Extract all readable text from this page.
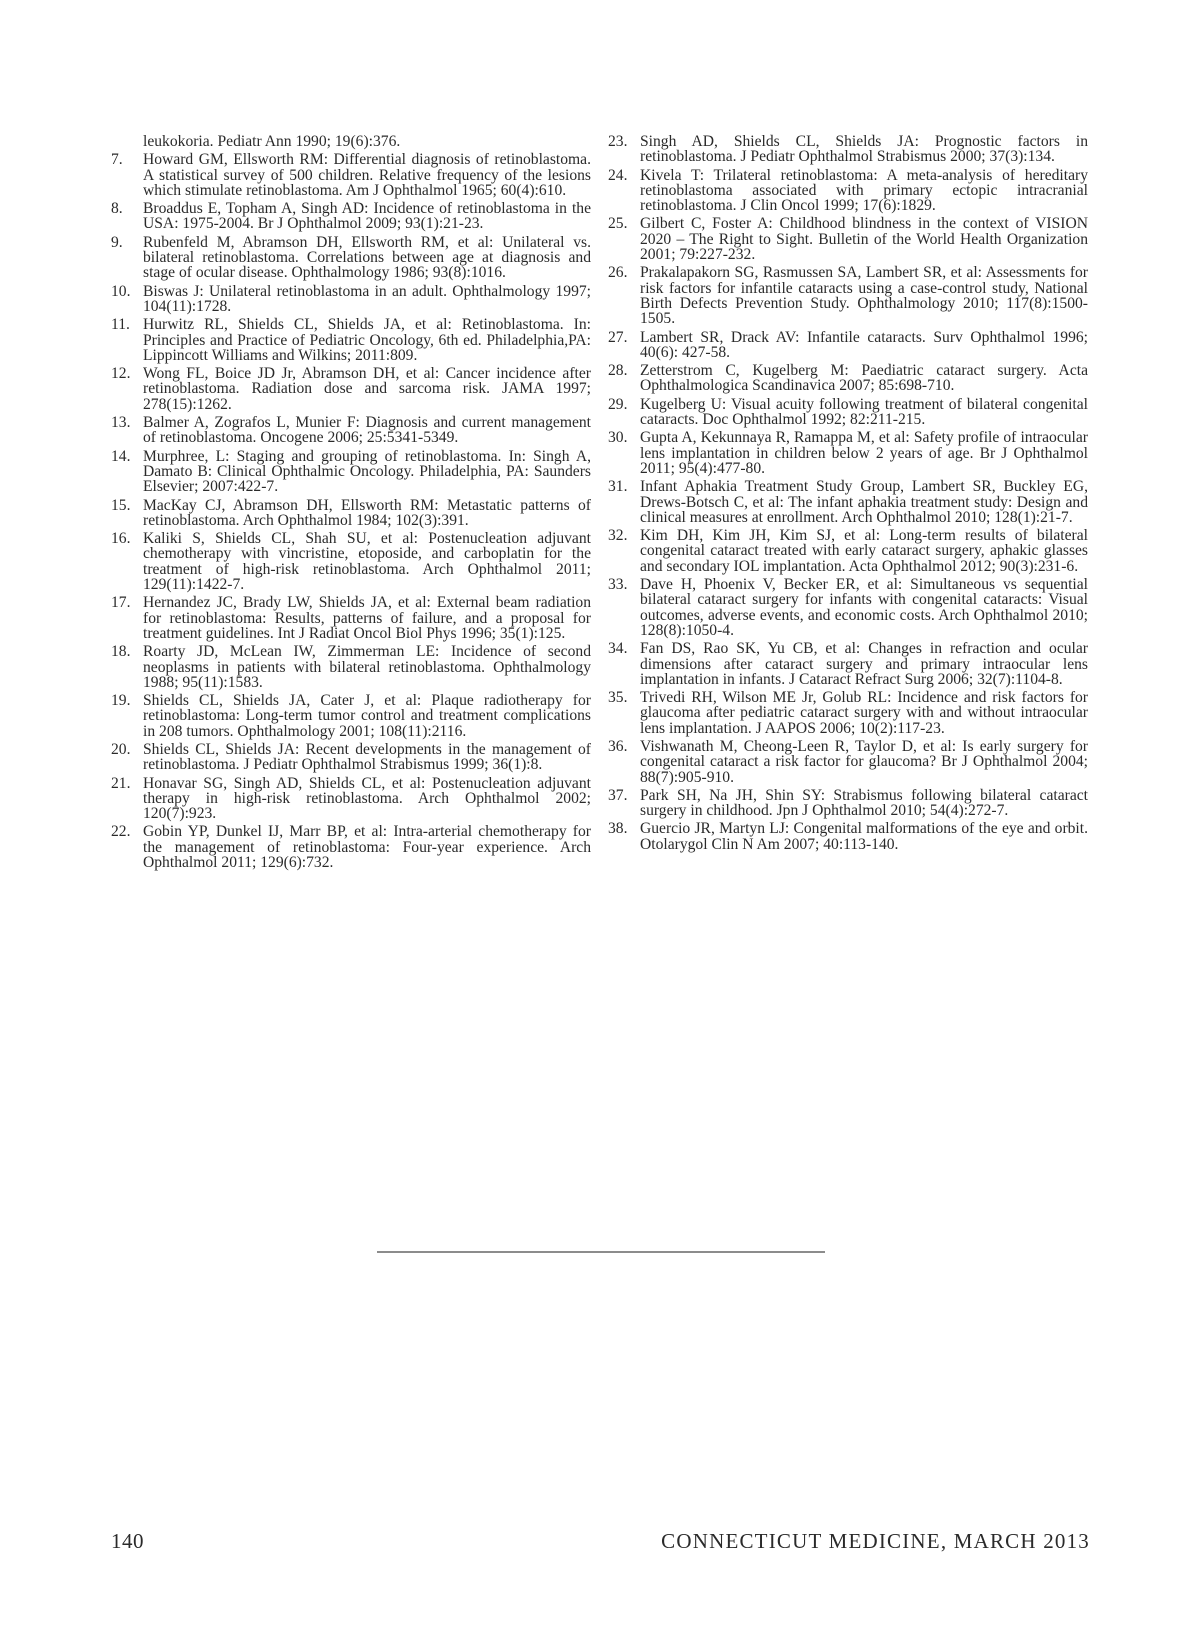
leukokoria. Pediatr Ann 1990; 19(6):376.
7.	Howard GM, Ellsworth RM: Differential diagnosis of retinoblastoma. A statistical survey of 500 children. Relative frequency of the lesions which stimulate retinoblastoma. Am J Ophthalmol 1965; 60(4):610.
8.	Broaddus E, Topham A, Singh AD: Incidence of retinoblastoma in the USA: 1975-2004. Br J Ophthalmol 2009; 93(1):21-23.
9.	Rubenfeld M, Abramson DH, Ellsworth RM, et al: Unilateral vs. bilateral retinoblastoma. Correlations between age at diagnosis and stage of ocular disease. Ophthalmology 1986; 93(8):1016.
10. Biswas J: Unilateral retinoblastoma in an adult. Ophthalmology 1997; 104(11):1728.
11. Hurwitz RL, Shields CL, Shields JA, et al: Retinoblastoma. In: Principles and Practice of Pediatric Oncology, 6th ed. Philadelphia,PA: Lippincott Williams and Wilkins; 2011:809.
12. Wong FL, Boice JD Jr, Abramson DH, et al: Cancer incidence after retinoblastoma. Radiation dose and sarcoma risk. JAMA 1997; 278(15):1262.
13. Balmer A, Zografos L, Munier F: Diagnosis and current management of retinoblastoma. Oncogene 2006; 25:5341-5349.
14. Murphree, L: Staging and grouping of retinoblastoma. In: Singh A, Damato B: Clinical Ophthalmic Oncology. Philadelphia, PA: Saunders Elsevier; 2007:422-7.
15. MacKay CJ, Abramson DH, Ellsworth RM: Metastatic patterns of retinoblastoma. Arch Ophthalmol 1984; 102(3):391.
16. Kaliki S, Shields CL, Shah SU, et al: Postenucleation adjuvant chemotherapy with vincristine, etoposide, and carboplatin for the treatment of high-risk retinoblastoma. Arch Ophthalmol 2011; 129(11):1422-7.
17. Hernandez JC, Brady LW, Shields JA, et al: External beam radiation for retinoblastoma: Results, patterns of failure, and a proposal for treatment guidelines. Int J Radiat Oncol Biol Phys 1996; 35(1):125.
18. Roarty JD, McLean IW, Zimmerman LE: Incidence of second neoplasms in patients with bilateral retinoblastoma. Ophthalmology 1988; 95(11):1583.
19. Shields CL, Shields JA, Cater J, et al: Plaque radiotherapy for retinoblastoma: Long-term tumor control and treatment complications in 208 tumors. Ophthalmology 2001; 108(11):2116.
20. Shields CL, Shields JA: Recent developments in the management of retinoblastoma. J Pediatr Ophthalmol Strabismus 1999; 36(1):8.
21. Honavar SG, Singh AD, Shields CL, et al: Postenucleation adjuvant therapy in high-risk retinoblastoma. Arch Ophthalmol 2002; 120(7):923.
22. Gobin YP, Dunkel IJ, Marr BP, et al: Intra-arterial chemotherapy for the management of retinoblastoma: Four-year experience. Arch Ophthalmol 2011; 129(6):732.
23. Singh AD, Shields CL, Shields JA: Prognostic factors in retinoblastoma. J Pediatr Ophthalmol Strabismus 2000; 37(3):134.
24. Kivela T: Trilateral retinoblastoma: A meta-analysis of hereditary retinoblastoma associated with primary ectopic intracranial retinoblastoma. J Clin Oncol 1999; 17(6):1829.
25. Gilbert C, Foster A: Childhood blindness in the context of VISION 2020 – The Right to Sight. Bulletin of the World Health Organization 2001; 79:227-232.
26. Prakalapakorn SG, Rasmussen SA, Lambert SR, et al: Assessments for risk factors for infantile cataracts using a case-control study, National Birth Defects Prevention Study. Ophthalmology 2010; 117(8):1500-1505.
27. Lambert SR, Drack AV: Infantile cataracts. Surv Ophthalmol 1996; 40(6): 427-58.
28. Zetterstrom C, Kugelberg M: Paediatric cataract surgery. Acta Ophthalmologica Scandinavica 2007; 85:698-710.
29. Kugelberg U: Visual acuity following treatment of bilateral congenital cataracts. Doc Ophthalmol 1992; 82:211-215.
30. Gupta A, Kekunnaya R, Ramappa M, et al: Safety profile of intraocular lens implantation in children below 2 years of age. Br J Ophthalmol 2011; 95(4):477-80.
31. Infant Aphakia Treatment Study Group, Lambert SR, Buckley EG, Drews-Botsch C, et al: The infant aphakia treatment study: Design and clinical measures at enrollment. Arch Ophthalmol 2010; 128(1):21-7.
32. Kim DH, Kim JH, Kim SJ, et al: Long-term results of bilateral congenital cataract treated with early cataract surgery, aphakic glasses and secondary IOL implantation. Acta Ophthalmol 2012; 90(3):231-6.
33. Dave H, Phoenix V, Becker ER, et al: Simultaneous vs sequential bilateral cataract surgery for infants with congenital cataracts: Visual outcomes, adverse events, and economic costs. Arch Ophthalmol 2010; 128(8):1050-4.
34. Fan DS, Rao SK, Yu CB, et al: Changes in refraction and ocular dimensions after cataract surgery and primary intraocular lens implantation in infants. J Cataract Refract Surg 2006; 32(7):1104-8.
35. Trivedi RH, Wilson ME Jr, Golub RL: Incidence and risk factors for glaucoma after pediatric cataract surgery with and without intraocular lens implantation. J AAPOS 2006; 10(2):117-23.
36. Vishwanath M, Cheong-Leen R, Taylor D, et al: Is early surgery for congenital cataract a risk factor for glaucoma? Br J Ophthalmol 2004; 88(7):905-910.
37. Park SH, Na JH, Shin SY: Strabismus following bilateral cataract surgery in childhood. Jpn J Ophthalmol 2010; 54(4):272-7.
38. Guercio JR, Martyn LJ: Congenital malformations of the eye and orbit. Otolarygol Clin N Am 2007; 40:113-140.
140	CONNECTICUT MEDICINE, MARCH 2013
